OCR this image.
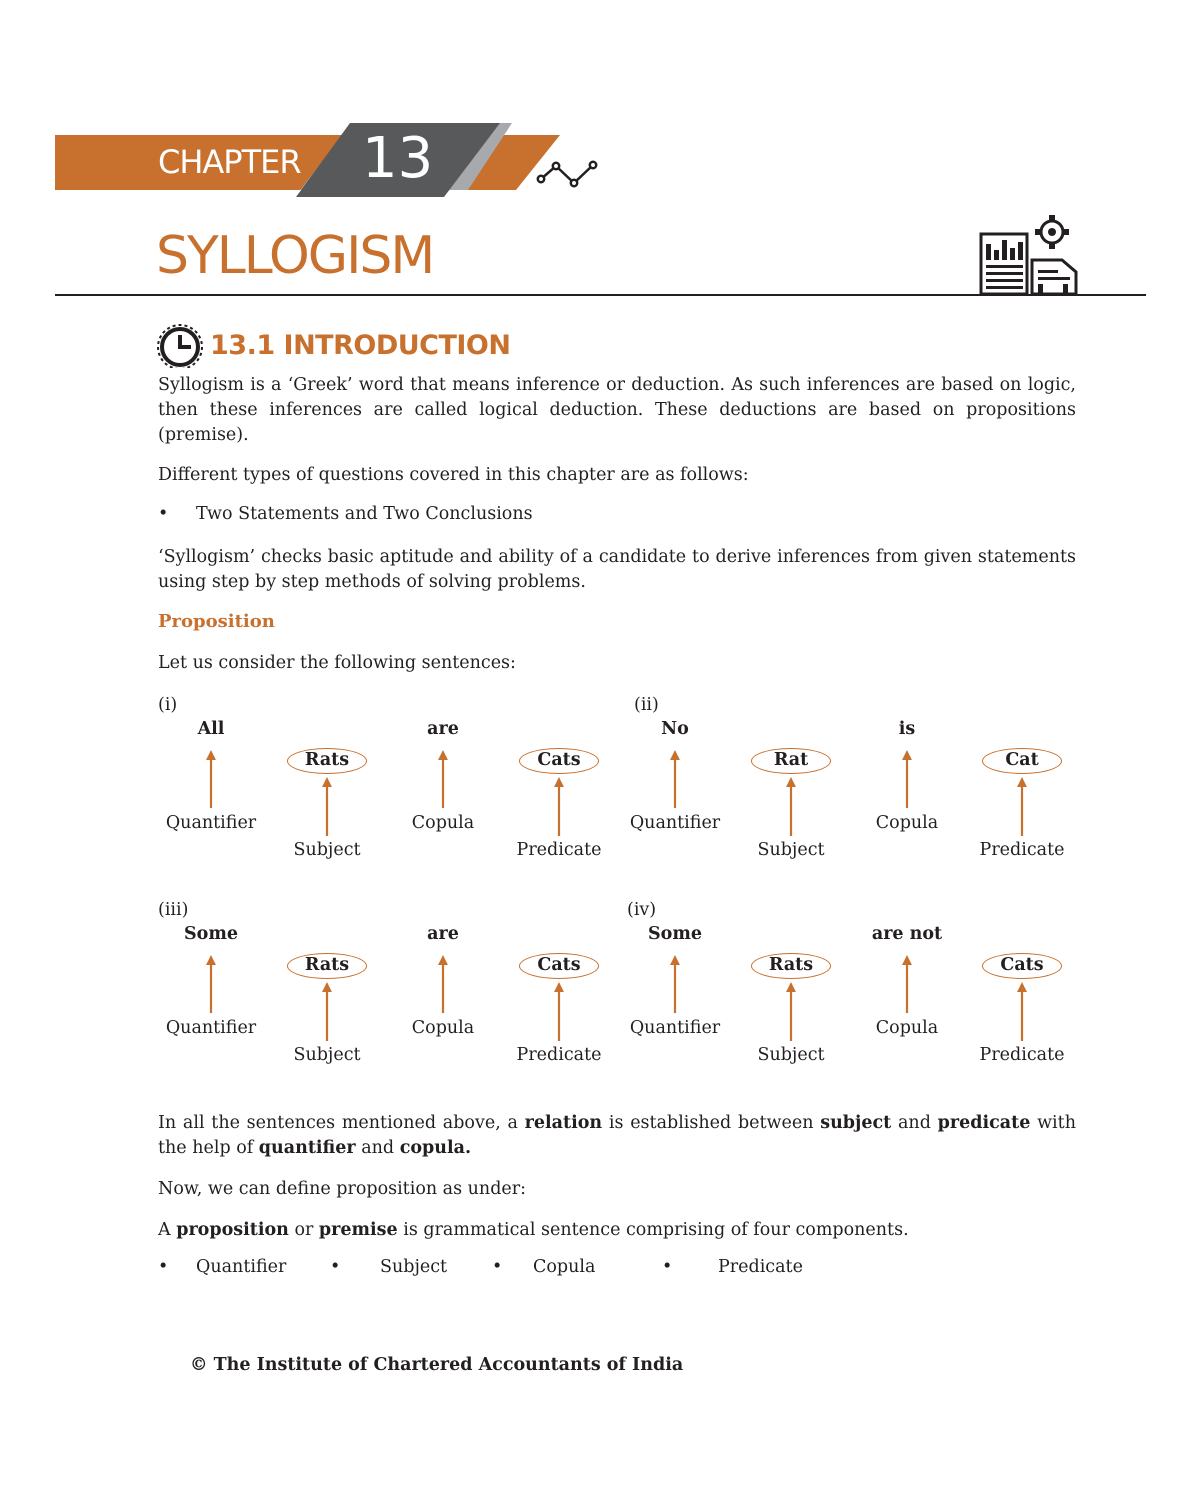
CHAPTER 13
SYLLOGISM
13.1 INTRODUCTION
Syllogism is a ‘Greek’ word that means inference or deduction. As such inferences are based on logic, then these inferences are called logical deduction. These deductions are based on propositions (premise).
Different types of questions covered in this chapter are as follows:
• Two Statements and Two Conclusions
‘Syllogism’ checks basic aptitude and ability of a candidate to derive inferences from given statements using step by step methods of solving problems.
Proposition
Let us consider the following sentences:
(i)
All
Rats
are
Cats
Quantifier
Subject
Copula
Predicate
(ii)
No
Rat
is
Cat
Quantifier
Subject
Copula
Predicate
(iii)
Some
Rats
are
Cats
Quantifier
Subject
Copula
Predicate
(iv)
Some
Rats
are not
Cats
Quantifier
Subject
Copula
Predicate
In all the sentences mentioned above, a relation is established between subject and predicate with the help of quantifier and copula.
Now, we can define proposition as under:
A proposition or premise is grammatical sentence comprising of four components.
• Quantifier • Subject	• Copula	•	Predicate
© The Institute of Chartered Accountants of India
